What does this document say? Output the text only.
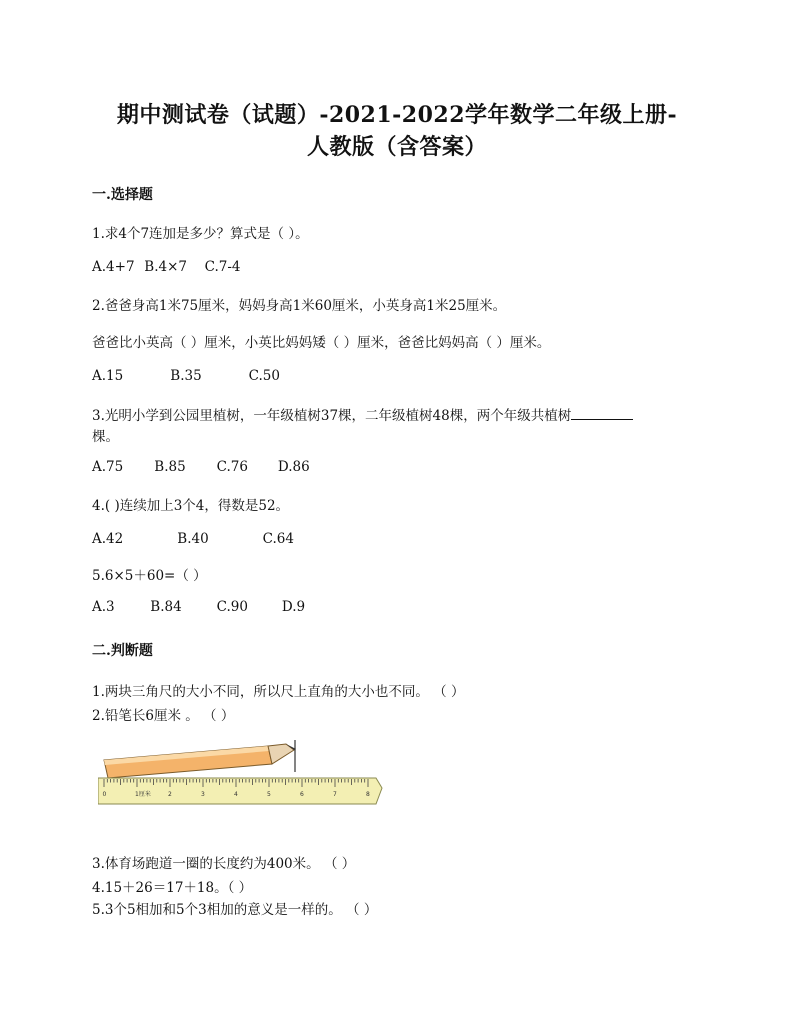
期中测试卷（试题）-2021-2022学年数学二年级上册-
人教版（含答案）
一.选择题
1.求4个7连加是多少？算式是（ ）。
A.4+7 B.4×7 C.7-4
2.爸爸身高1米75厘米，妈妈身高1米60厘米，小英身高1米25厘米。
爸爸比小英高（ ）厘米，小英比妈妈矮（ ）厘米，爸爸比妈妈高（ ）厘米。
A.15	B.35	C.50
3.光明小学到公园里植树，一年级植树37棵，二年级植树48棵，两个年级共植树
棵。
A.75 B.85 C.76 D.86
4.( )连续加上3个4，得数是52。
A.42	B.40	C.64
5.6×5＋60=（ ）
A.3	B.84	C.90	D.9
二.判断题
1.两块三角尺的大小不同，所以尺上直角的大小也不同。 （ ）
2.铅笔长6厘米 。 （ ）
0	1厘米	2	3	4	5	6	7	8
3.体育场跑道一圈的长度约为400米。 （ ）
4.15＋26＝17＋18。（ ）
5.3个5相加和5个3相加的意义是一样的。 （ ）
